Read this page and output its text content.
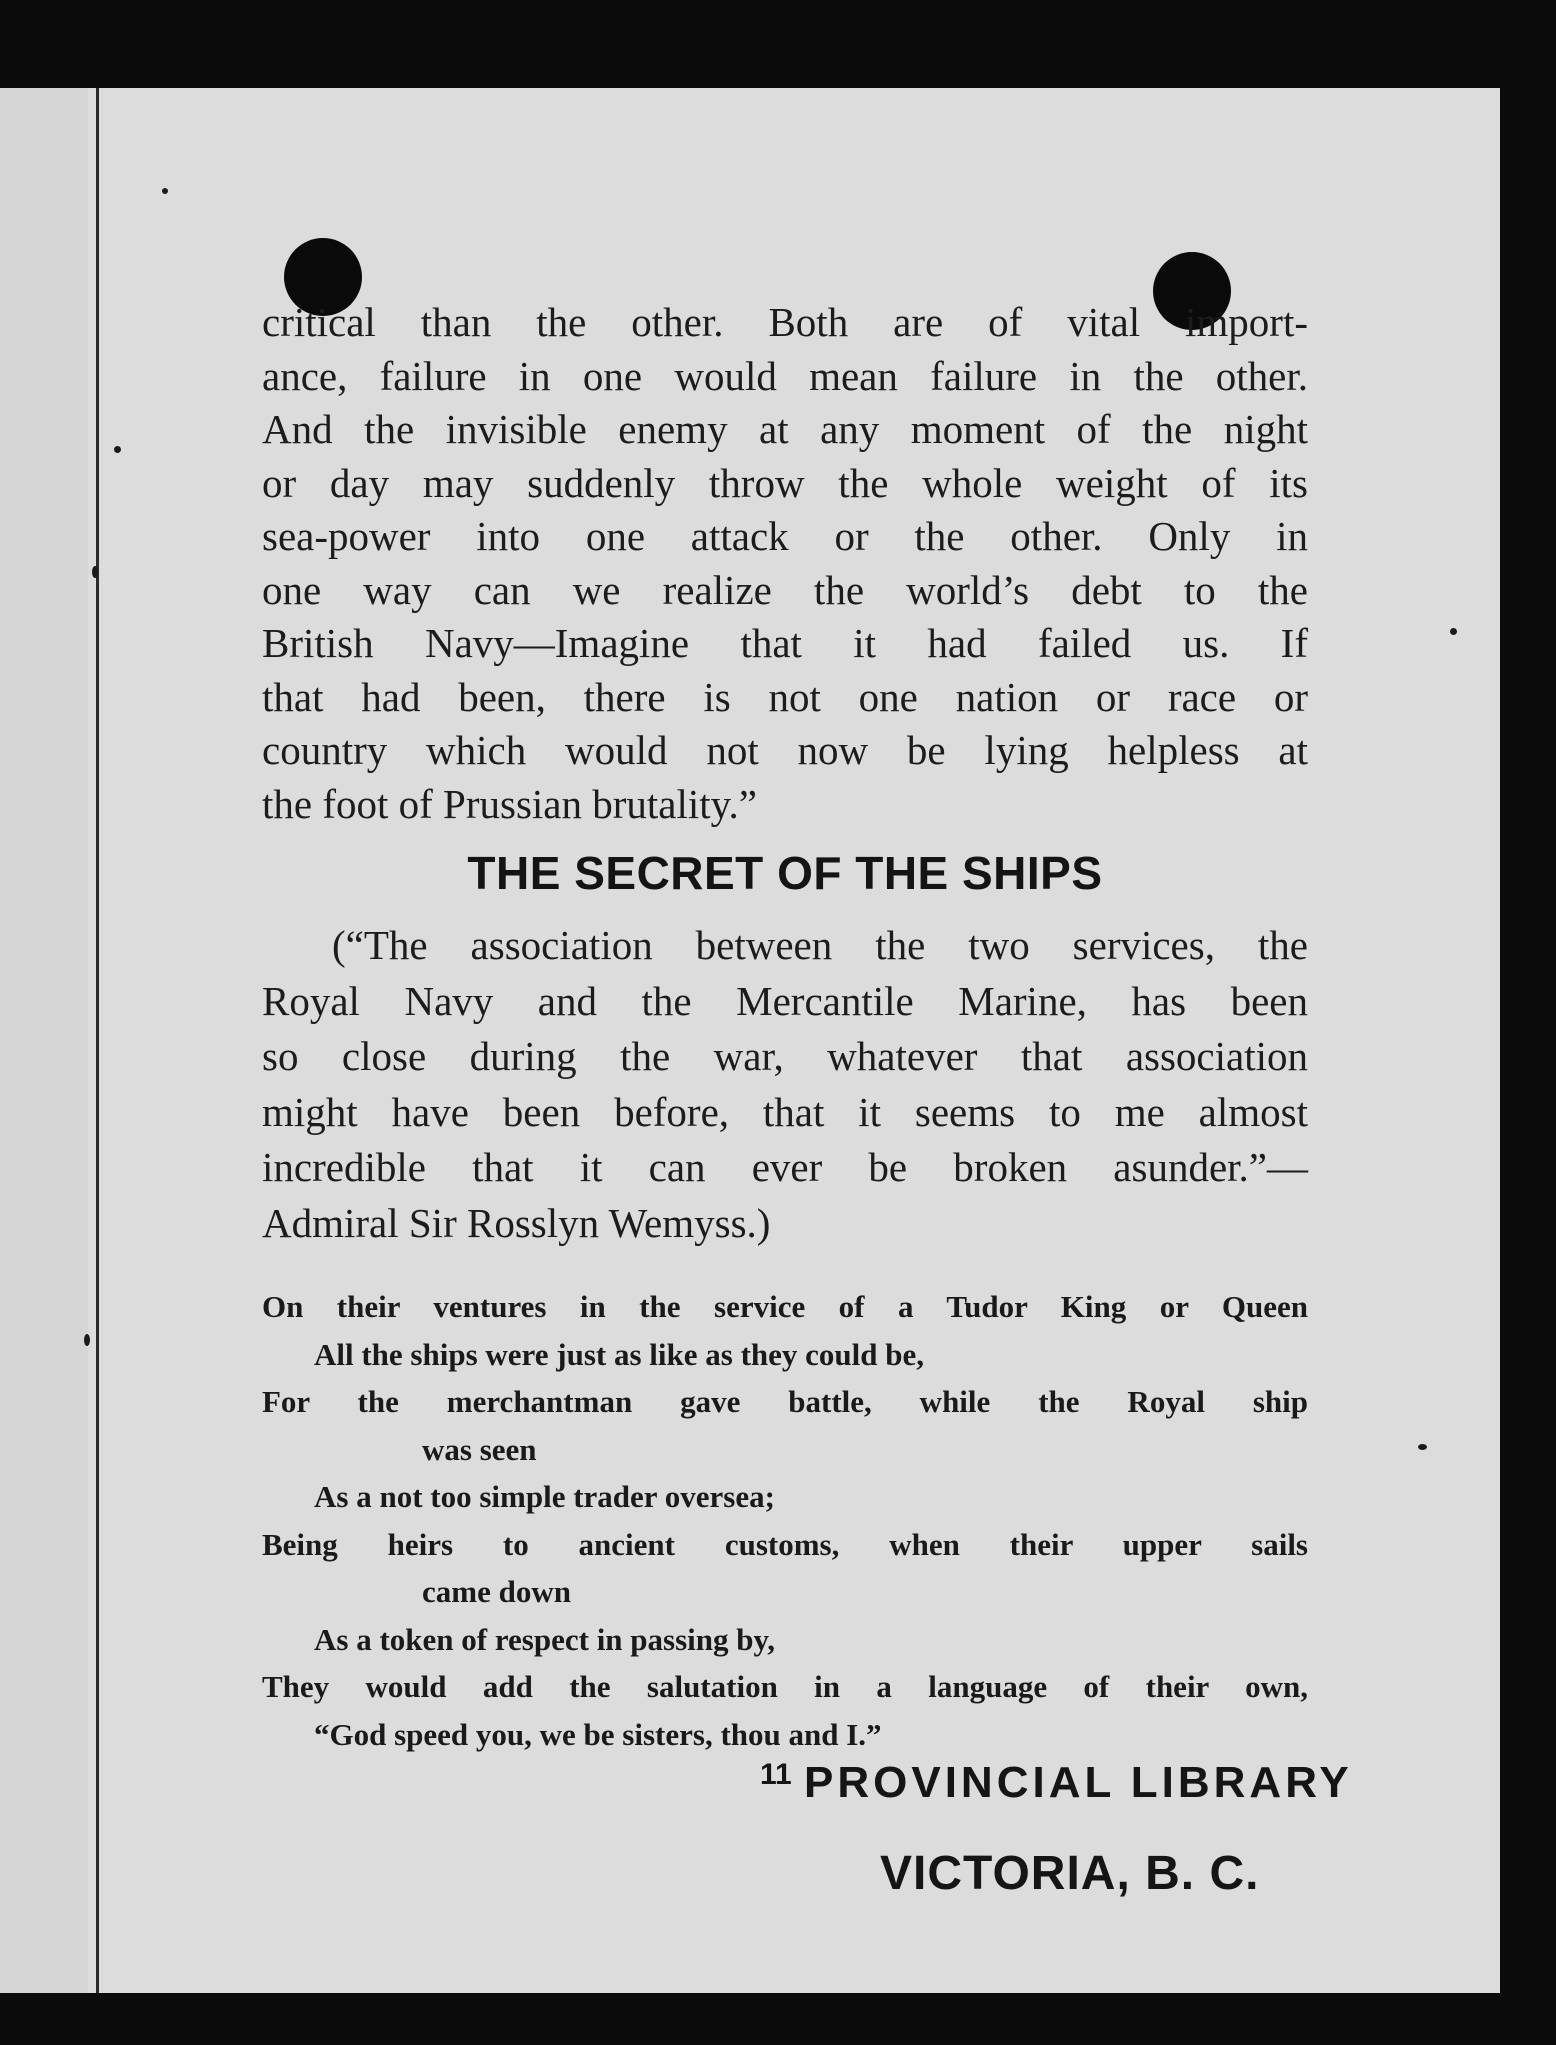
critical than the other. Both are of vital import-
ance, failure in one would mean failure in the other.
And the invisible enemy at any moment of the night
or day may suddenly throw the whole weight of its
sea-power into one attack or the other. Only in
one way can we realize the world’s debt to the
British Navy—Imagine that it had failed us. If
that had been, there is not one nation or race or
country which would not now be lying helpless at
the foot of Prussian brutality.”
THE SECRET OF THE SHIPS
(“The association between the two services, the
Royal Navy and the Mercantile Marine, has been
so close during the war, whatever that association
might have been before, that it seems to me almost
incredible that it can ever be broken asunder.”—
Admiral Sir Rosslyn Wemyss.)
On their ventures in the service of a Tudor King or Queen
All the ships were just as like as they could be,
For the merchantman gave battle, while the Royal ship
was seen
As a not too simple trader oversea;
Being heirs to ancient customs, when their upper sails
came down
As a token of respect in passing by,
They would add the salutation in a language of their own,
“God speed you, we be sisters, thou and I.”
11 PROVINCIAL LIBRARY
VICTORIA, B. C.
